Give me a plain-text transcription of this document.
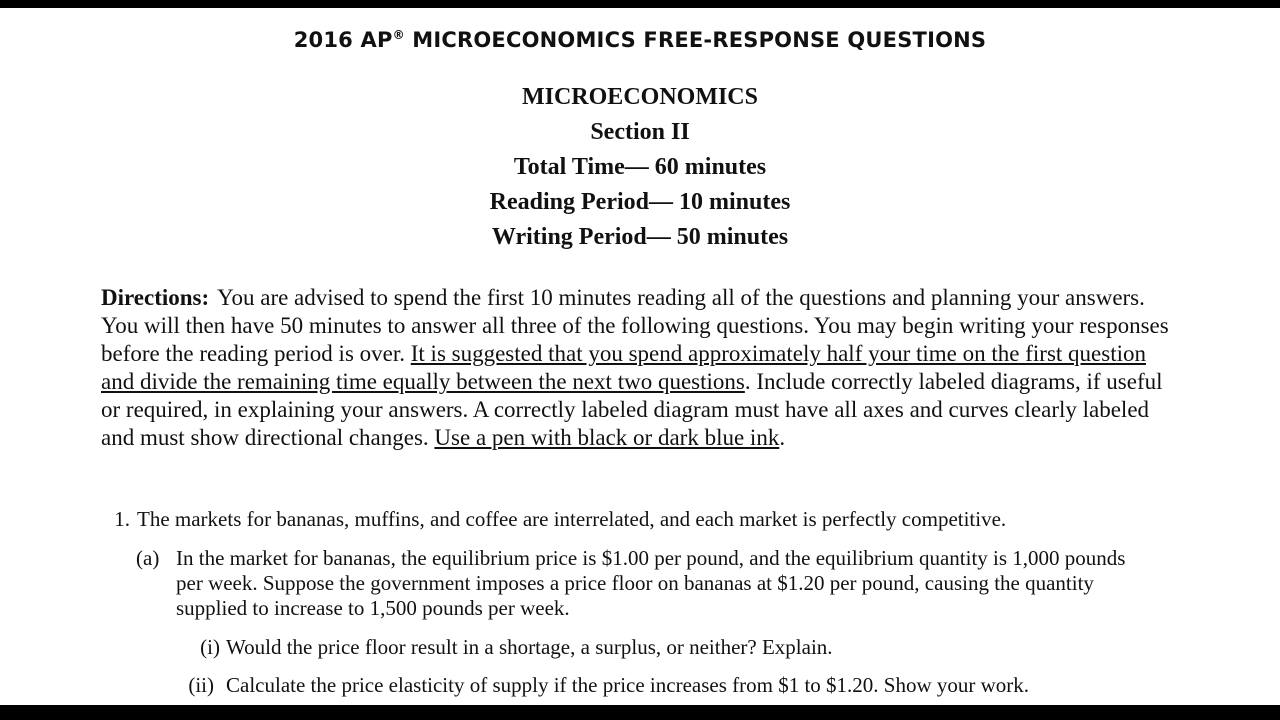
2016 AP® MICROECONOMICS FREE-RESPONSE QUESTIONS
MICROECONOMICS
Section II
Total Time— 60 minutes
Reading Period— 10 minutes
Writing Period— 50 minutes
Directions: You are advised to spend the first 10 minutes reading all of the questions and planning your answers. You will then have 50 minutes to answer all three of the following questions. You may begin writing your responses before the reading period is over. It is suggested that you spend approximately half your time on the first question and divide the remaining time equally between the next two questions. Include correctly labeled diagrams, if useful or required, in explaining your answers. A correctly labeled diagram must have all axes and curves clearly labeled and must show directional changes. Use a pen with black or dark blue ink.
1. The markets for bananas, muffins, and coffee are interrelated, and each market is perfectly competitive.
(a) In the market for bananas, the equilibrium price is $1.00 per pound, and the equilibrium quantity is 1,000 pounds per week. Suppose the government imposes a price floor on bananas at $1.20 per pound, causing the quantity supplied to increase to 1,500 pounds per week.
(i) Would the price floor result in a shortage, a surplus, or neither? Explain.
(ii) Calculate the price elasticity of supply if the price increases from $1 to $1.20. Show your work.
